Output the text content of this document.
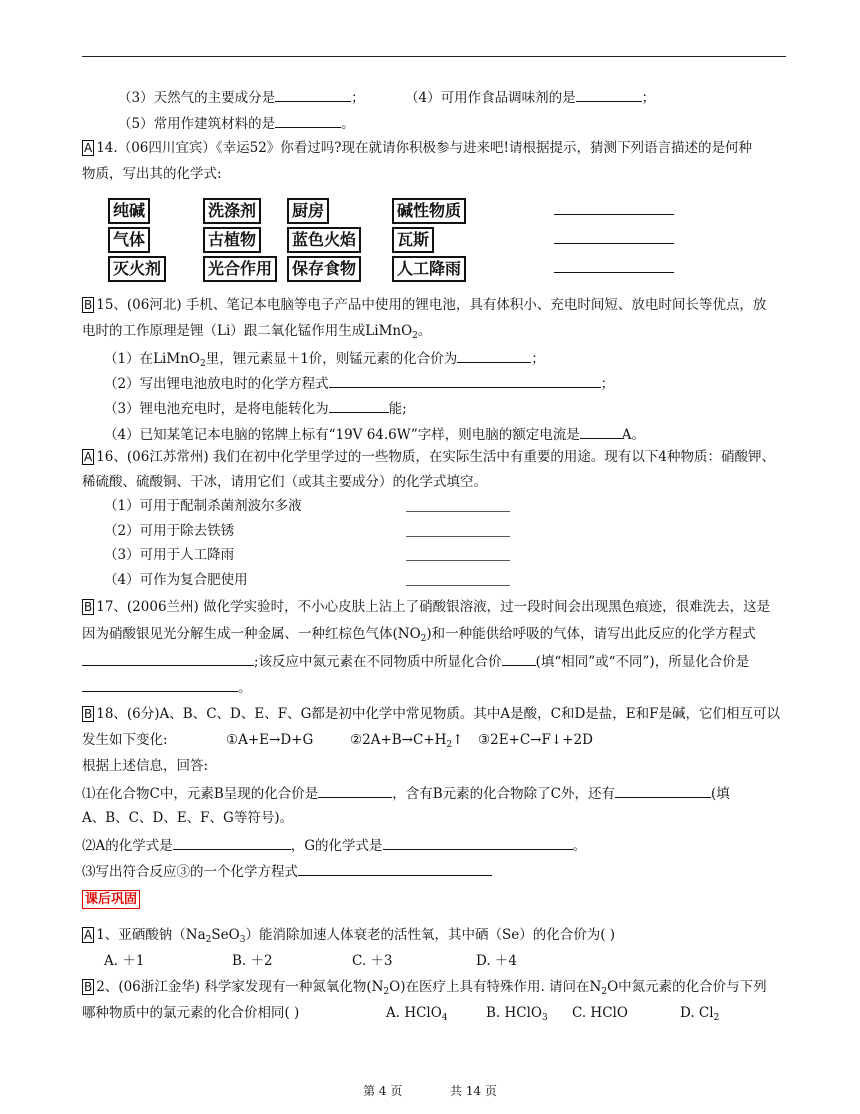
（3）天然气的主要成分是	；	（4）可用作食品调味剂的是	；
（5）常用作建筑材料的是	。
A 14.（06四川宜宾）《幸运52》你看过吗?现在就请你积极参与进来吧!请根据提示，猜测下列语言描述的是何种
物质，写出其的化学式:
纯碱	洗涤剂	厨房	碱性物质
气体	古植物	蓝色火焰	瓦斯
灭火剂	光合作用	保存食物	人工降雨
B 15、(06河北) 手机、笔记本电脑等电子产品中使用的锂电池，具有体积小、充电时间短、放电时间长等优点，放
电时的工作原理是锂（Li）跟二氧化锰作用生成LiMnO$_2$。
（1）在LiMnO$_2$里，锂元素显＋1价，则锰元素的化合价为	；
（2）写出锂电池放电时的化学方程式	；
（3）锂电池充电时，是将电能转化为	能;
（4）已知某笔记本电脑的铭牌上标有“19V 64.6W”字样，则电脑的额定电流是	A。
A 16、(06江苏常州) 我们在初中化学里学过的一些物质，在实际生活中有重要的用途。现有以下4种物质：硝酸钾、
稀硫酸、硫酸铜、干冰，请用它们（或其主要成分）的化学式填空。
（1）可用于配制杀菌剂波尔多液
（2）可用于除去铁锈
（3）可用于人工降雨
（4）可作为复合肥使用
B 17、(2006兰州) 做化学实验时，不小心皮肤上沾上了硝酸银溶液，过一段时间会出现黑色痕迹，很难洗去，这是
因为硝酸银见光分解生成一种金属、一种红棕色气体$(NO_2)$和一种能供给呼吸的气体，请写出此反应的化学方程式
;该反应中氮元素在不同物质中所显化合价	(填“相同”或“不同”)，所显化合价是
。
B 18、(6分)A、B、C、D、E、F、G都是初中化学中常见物质。其中A是酸，C和D是盐，E和F是碱，它们相互可以
发生如下变化:	①A+E→D+G	$②2A+B\to C+H_2↑$ ③2E+C→F↓+2D
根据上述信息，回答:
⑴在化合物C中，元素B呈现的化合价是	，含有B元素的化合物除了C外，还有	(填
A、B、C、D、E、F、G等符号)。
⑵A的化学式是	，G的化学式是	。
⑶写出符合反应③的一个化学方程式
课后巩固
A 1、亚硒酸钠$(Na_2SeO_3)$能消除加速人体衰老的活性氧，其中硒（Se）的化合价为( )
A. ＋1	B. ＋2	C. ＋3	D. ＋4
B 2、(06浙江金华) 科学家发现有一种氮氧化物$(N_2O)$在医疗上具有特殊作用. 请问在$N_2O$中氮元素的化合价与下列
哪种物质中的氯元素的化合价相同( )	A. HClO$_4$	B. HClO$_3$ C. HClO	D. $Cl_2$
第 4 页	共 14 页
